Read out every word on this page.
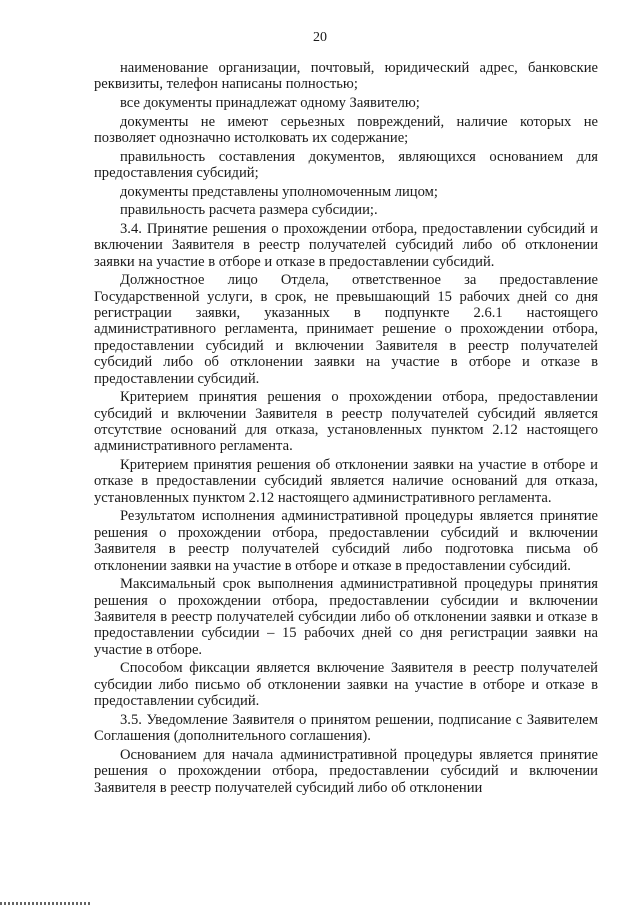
20

наименование организации, почтовый, юридический адрес, банковские реквизиты, телефон написаны полностью;

все документы принадлежат одному Заявителю;

документы не имеют серьезных повреждений, наличие которых не позволяет однозначно истолковать их содержание;

правильность составления документов, являющихся основанием для предоставления субсидий;

документы представлены уполномоченным лицом;

правильность расчета размера субсидии;.

3.4. Принятие решения о прохождении отбора, предоставлении субсидий и включении Заявителя в реестр получателей субсидий либо об отклонении заявки на участие в отборе и отказе в предоставлении субсидий.

Должностное лицо Отдела, ответственное за предоставление Государственной услуги, в срок, не превышающий 15 рабочих дней со дня регистрации заявки, указанных в подпункте 2.6.1 настоящего административного регламента, принимает решение о прохождении отбора, предоставлении субсидий и включении Заявителя в реестр получателей субсидий либо об отклонении заявки на участие в отборе и отказе в предоставлении субсидий.

Критерием принятия решения о прохождении отбора, предоставлении субсидий и включении Заявителя в реестр получателей субсидий является отсутствие оснований для отказа, установленных пунктом 2.12 настоящего административного регламента.

Критерием принятия решения об отклонении заявки на участие в отборе и отказе в предоставлении субсидий является наличие оснований для отказа, установленных пунктом 2.12 настоящего административного регламента.

Результатом исполнения административной процедуры является принятие решения о прохождении отбора, предоставлении субсидий и включении Заявителя в реестр получателей субсидий либо подготовка письма об отклонении заявки на участие в отборе и отказе в предоставлении субсидий.

Максимальный срок выполнения административной процедуры принятия решения о прохождении отбора, предоставлении субсидии и включении Заявителя в реестр получателей субсидии либо об отклонении заявки и отказе в предоставлении субсидии – 15 рабочих дней со дня регистрации заявки на участие в отборе.

Способом фиксации является включение Заявителя в реестр получателей субсидии либо письмо об отклонении заявки на участие в отборе и отказе в предоставлении субсидий.

3.5. Уведомление Заявителя о принятом решении, подписание с Заявителем Соглашения (дополнительного соглашения).

Основанием для начала административной процедуры является принятие решения о прохождении отбора, предоставлении субсидий и включении Заявителя в реестр получателей субсидий либо об отклонении
